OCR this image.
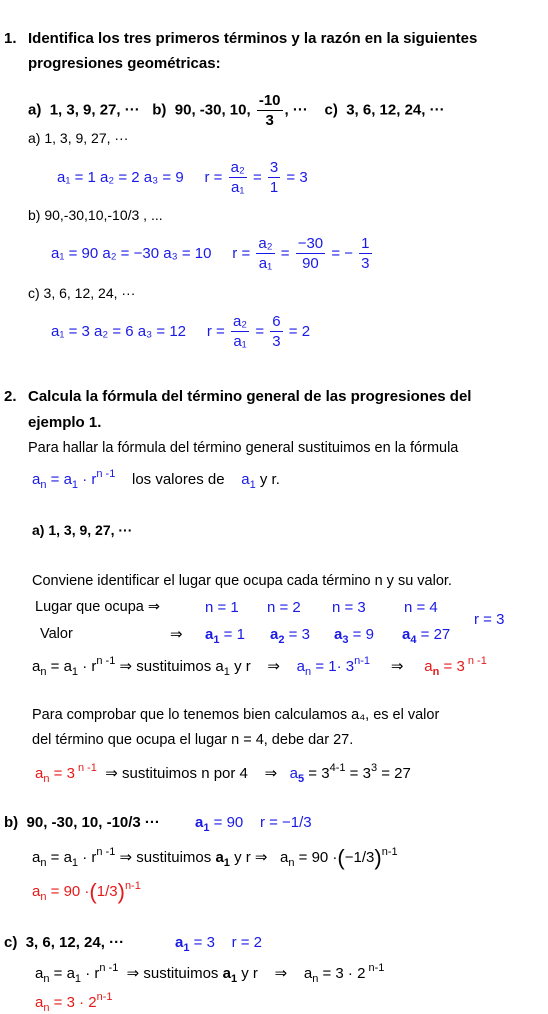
1. Identifica los tres primeros términos y la razón en la siguientes
progresiones geométricas:
a) 1, 3, 9, 27, ··· b) 90, -30, 10, $\frac{-10}{3}$ , ··· c) 3, 6, 12, 24, ···
a) 1, 3, 9, 27, ···
a₁ = 1 a₂ = 2 a₃ = 9 $r = \frac{\text{a₂}}{\text{a₁}} = \frac{3}{1} = 3$
b) 90,-30,10,-10/3 , ...
a₁ = 90 a₂ = −30 a₃ = 10 $r = \frac{\text{a₂}}{\text{a₁}} = \frac{-30}{90}$ = − $\frac{1}{3}$
c) 3, 6, 12, 24, ···
a₁ = 3 a₂ = 6 a₃ = 12 $r = \frac{\text{a₂}}{\text{a₁}} = \frac{6}{3} = 2$
2. Calcula la fórmula del término general de las progresiones del
ejemplo 1.
Para hallar la fórmula del término general sustituimos en la fórmula
$a_n = a_1 \cdot r^{n -1}$ los valores de $a_1$ y r.
a) 1, 3, 9, 27, ···
Conviene identificar el lugar que ocupa cada término n y su valor.
Lugar que ocupa ⇒	n = 1 n = 2 n = 3	n = 4
r = 3
Valor	⇒ $a_1 = 1$ $a_2 = 3$ $a_3 = 9$ $a_4 = 27$
$a_n = a_1 \cdot r^{n -1}$ ⇒ sustituimos $a_1$ y r ⇒ $a_n = 1\cdot 3^{n-1}$ ⇒ $a_n = 3$ $^{n -1}$
Para comprobar que lo tenemos bien calculamos a₄, es el valor
del término que ocupa el lugar n = 4, debe dar 27.
$a_n = 3$ $^{n -1}$ ⇒ sustituimos n por 4 ⇒ $a_5 = 3^{4-1} = 3^3 = 27$
b) 90, -30, 10, -10/3 ··· $a_1 = 90$ r = −1/3
$a_n = a_1 \cdot r^{n -1}$ ⇒ sustituimos $a_1$ y r ⇒   $a_n = 90 \cdot(-1/3)^{n-1}$
$a_n = 90 \cdot(1/3)^{n-1}$
c) 3, 6, 12, 24, ···	$a_1 = 3$ r = 2
$a_n = a_1 \cdot r^{n -1}$ ⇒ sustituimos $a_1$ y r ⇒    $a_n = 3 \cdot 2$ $^{n-1}$
$a_n = 3 \cdot 2^{n-1}$
